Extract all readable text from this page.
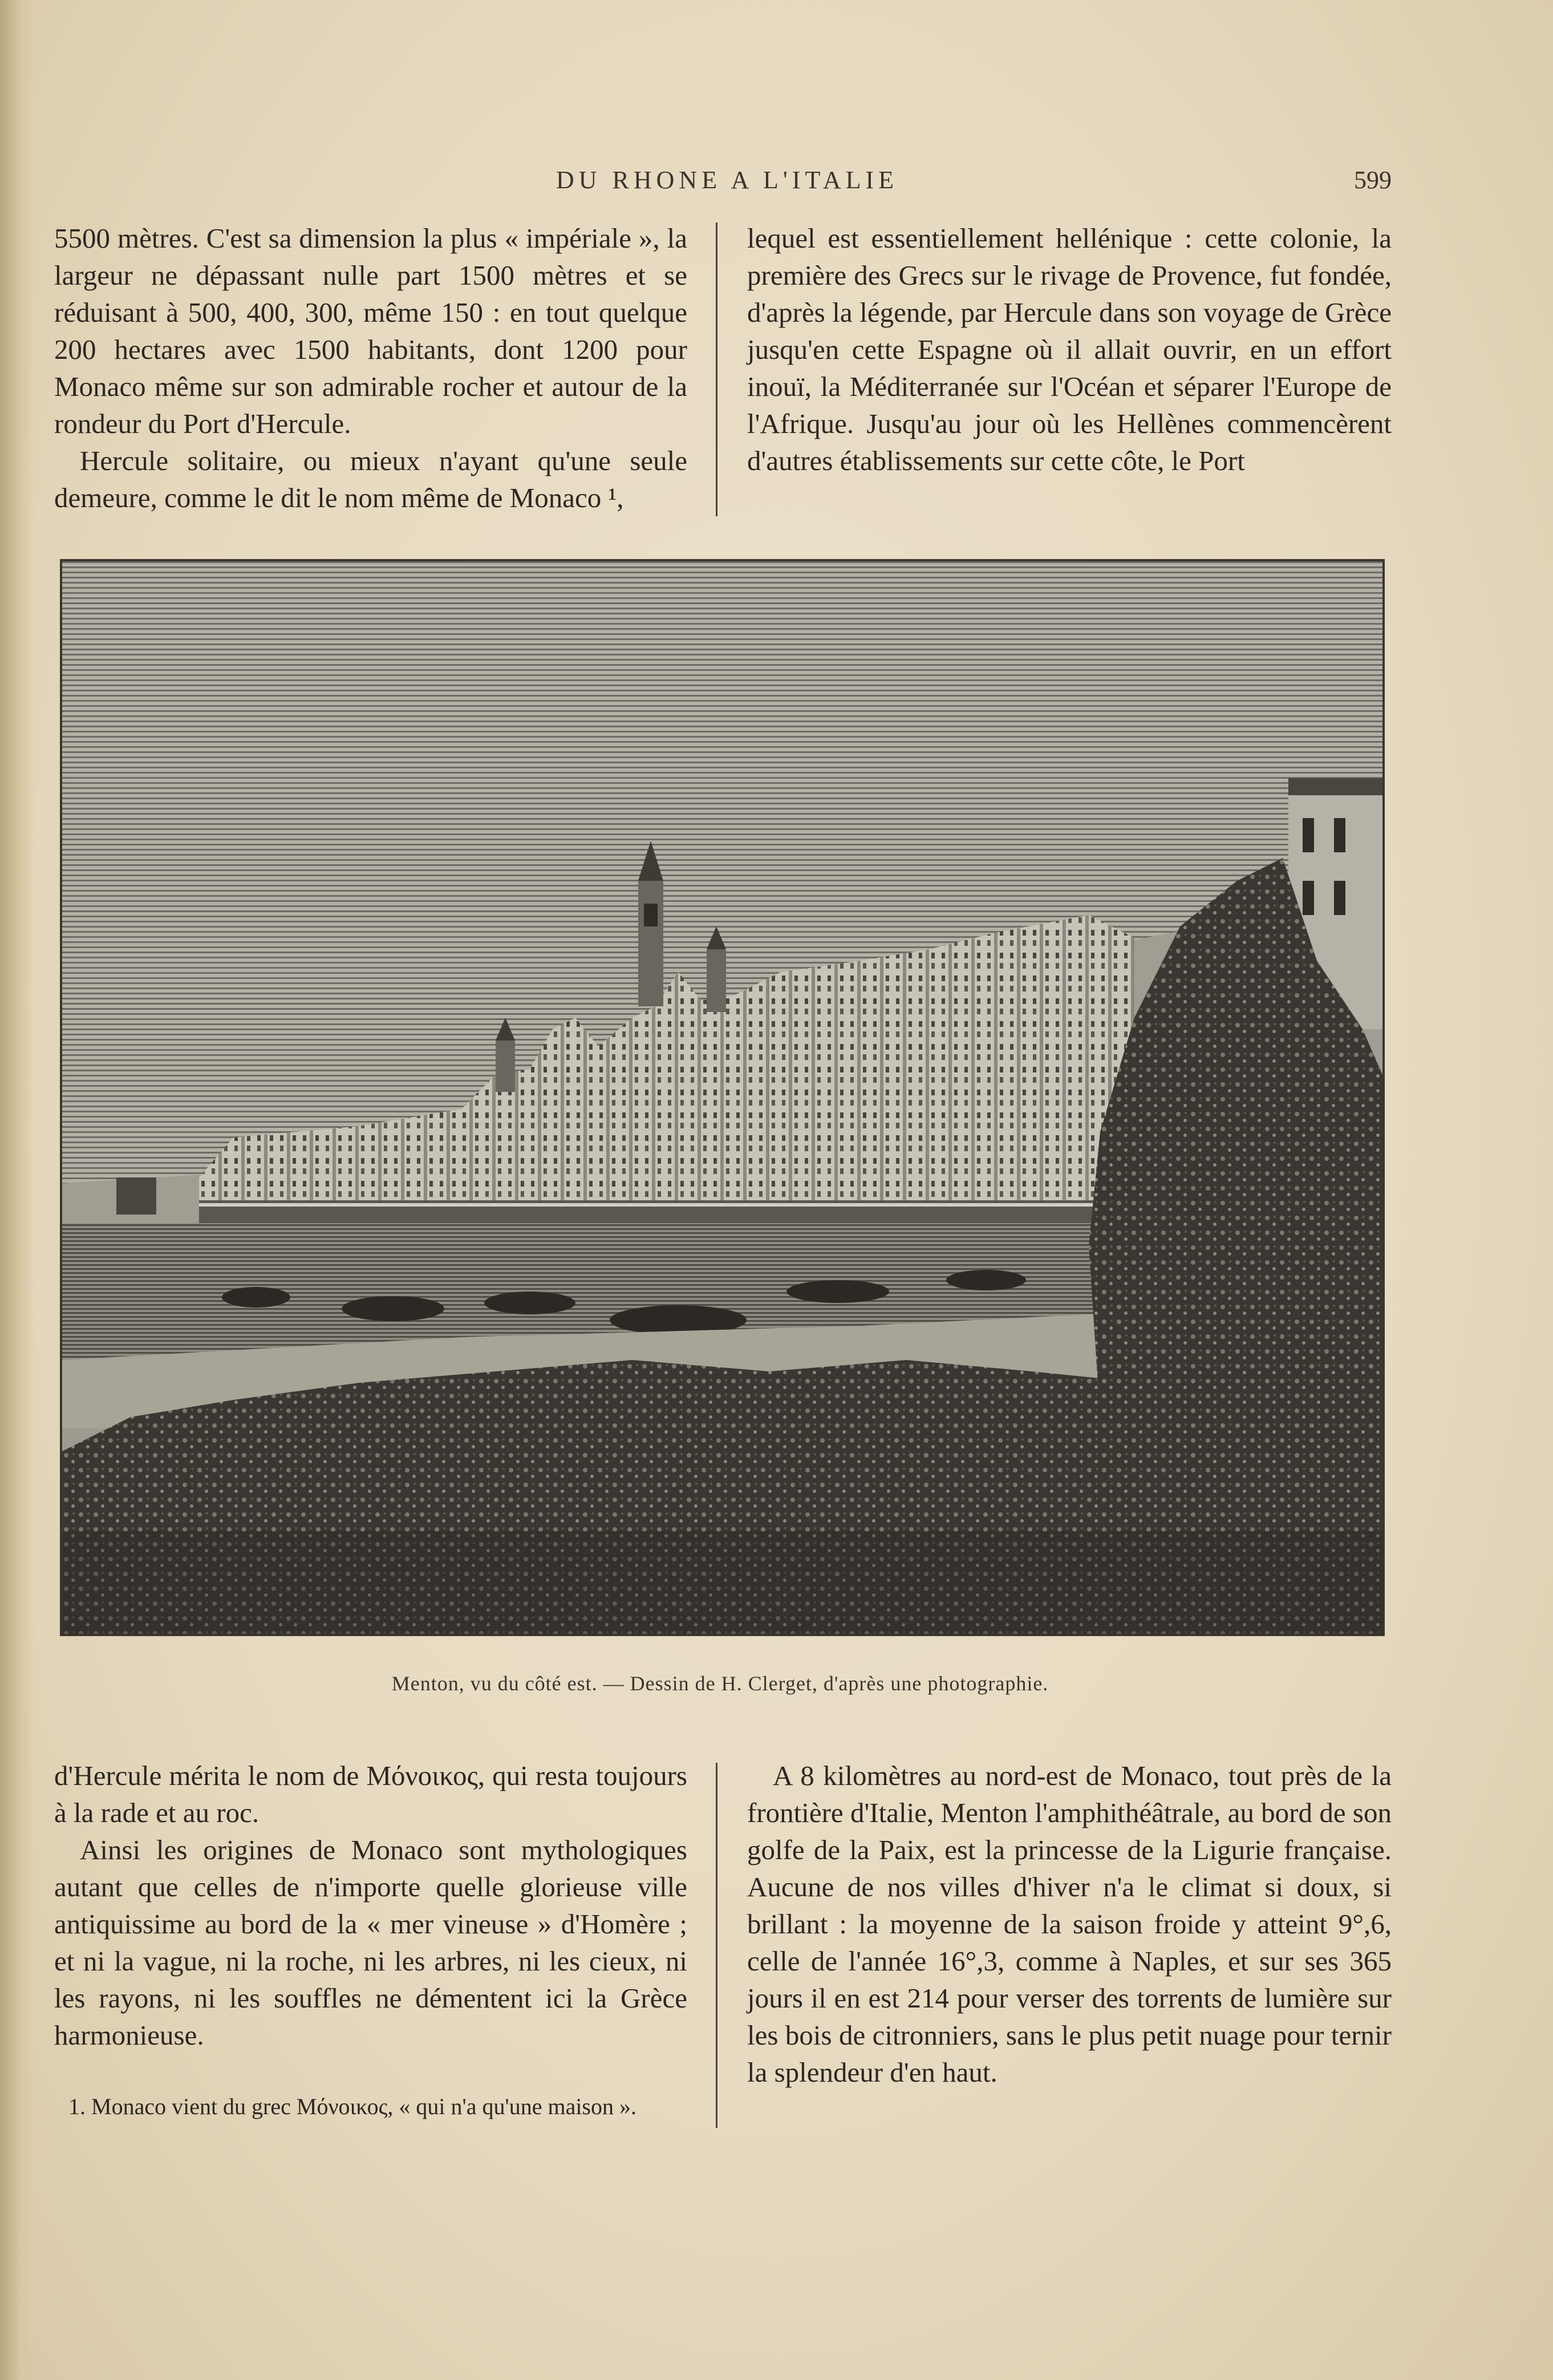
DU RHONE A L'ITALIE	599

5500 mètres. C'est sa dimension la plus « impériale », la largeur ne dépassant nulle part 1500 mètres et se réduisant à 500, 400, 300, même 150 : en tout quelque 200 hectares avec 1500 habitants, dont 1200 pour Monaco même sur son admirable rocher et autour de la rondeur du Port d'Hercule.

Hercule solitaire, ou mieux n'ayant qu'une seule demeure, comme le dit le nom même de Monaco ¹,

lequel est essentiellement hellénique : cette colonie, la première des Grecs sur le rivage de Provence, fut fondée, d'après la légende, par Hercule dans son voyage de Grèce jusqu'en cette Espagne où il allait ouvrir, en un effort inouï, la Méditerranée sur l'Océan et séparer l'Europe de l'Afrique. Jusqu'au jour où les Hellènes commencèrent d'autres établissements sur cette côte, le Port

Menton, vu du côté est. — Dessin de H. Clerget, d'après une photographie.

d'Hercule mérita le nom de Μόνοικος, qui resta toujours à la rade et au roc.

Ainsi les origines de Monaco sont mythologiques autant que celles de n'importe quelle glorieuse ville antiquissime au bord de la « mer vineuse » d'Homère ; et ni la vague, ni la roche, ni les arbres, ni les cieux, ni les rayons, ni les souffles ne démentent ici la Grèce harmonieuse.

A 8 kilomètres au nord-est de Monaco, tout près de la frontière d'Italie, Menton l'amphithéâtrale, au bord de son golfe de la Paix, est la princesse de la Ligurie française. Aucune de nos villes d'hiver n'a le climat si doux, si brillant : la moyenne de la saison froide y atteint 9°,6, celle de l'année 16°,3, comme à Naples, et sur ses 365 jours il en est 214 pour verser des torrents de lumière sur les bois de citronniers, sans le plus petit nuage pour ternir la splendeur d'en haut.

1. Monaco vient du grec Μόνοικος, « qui n'a qu'une maison ».
